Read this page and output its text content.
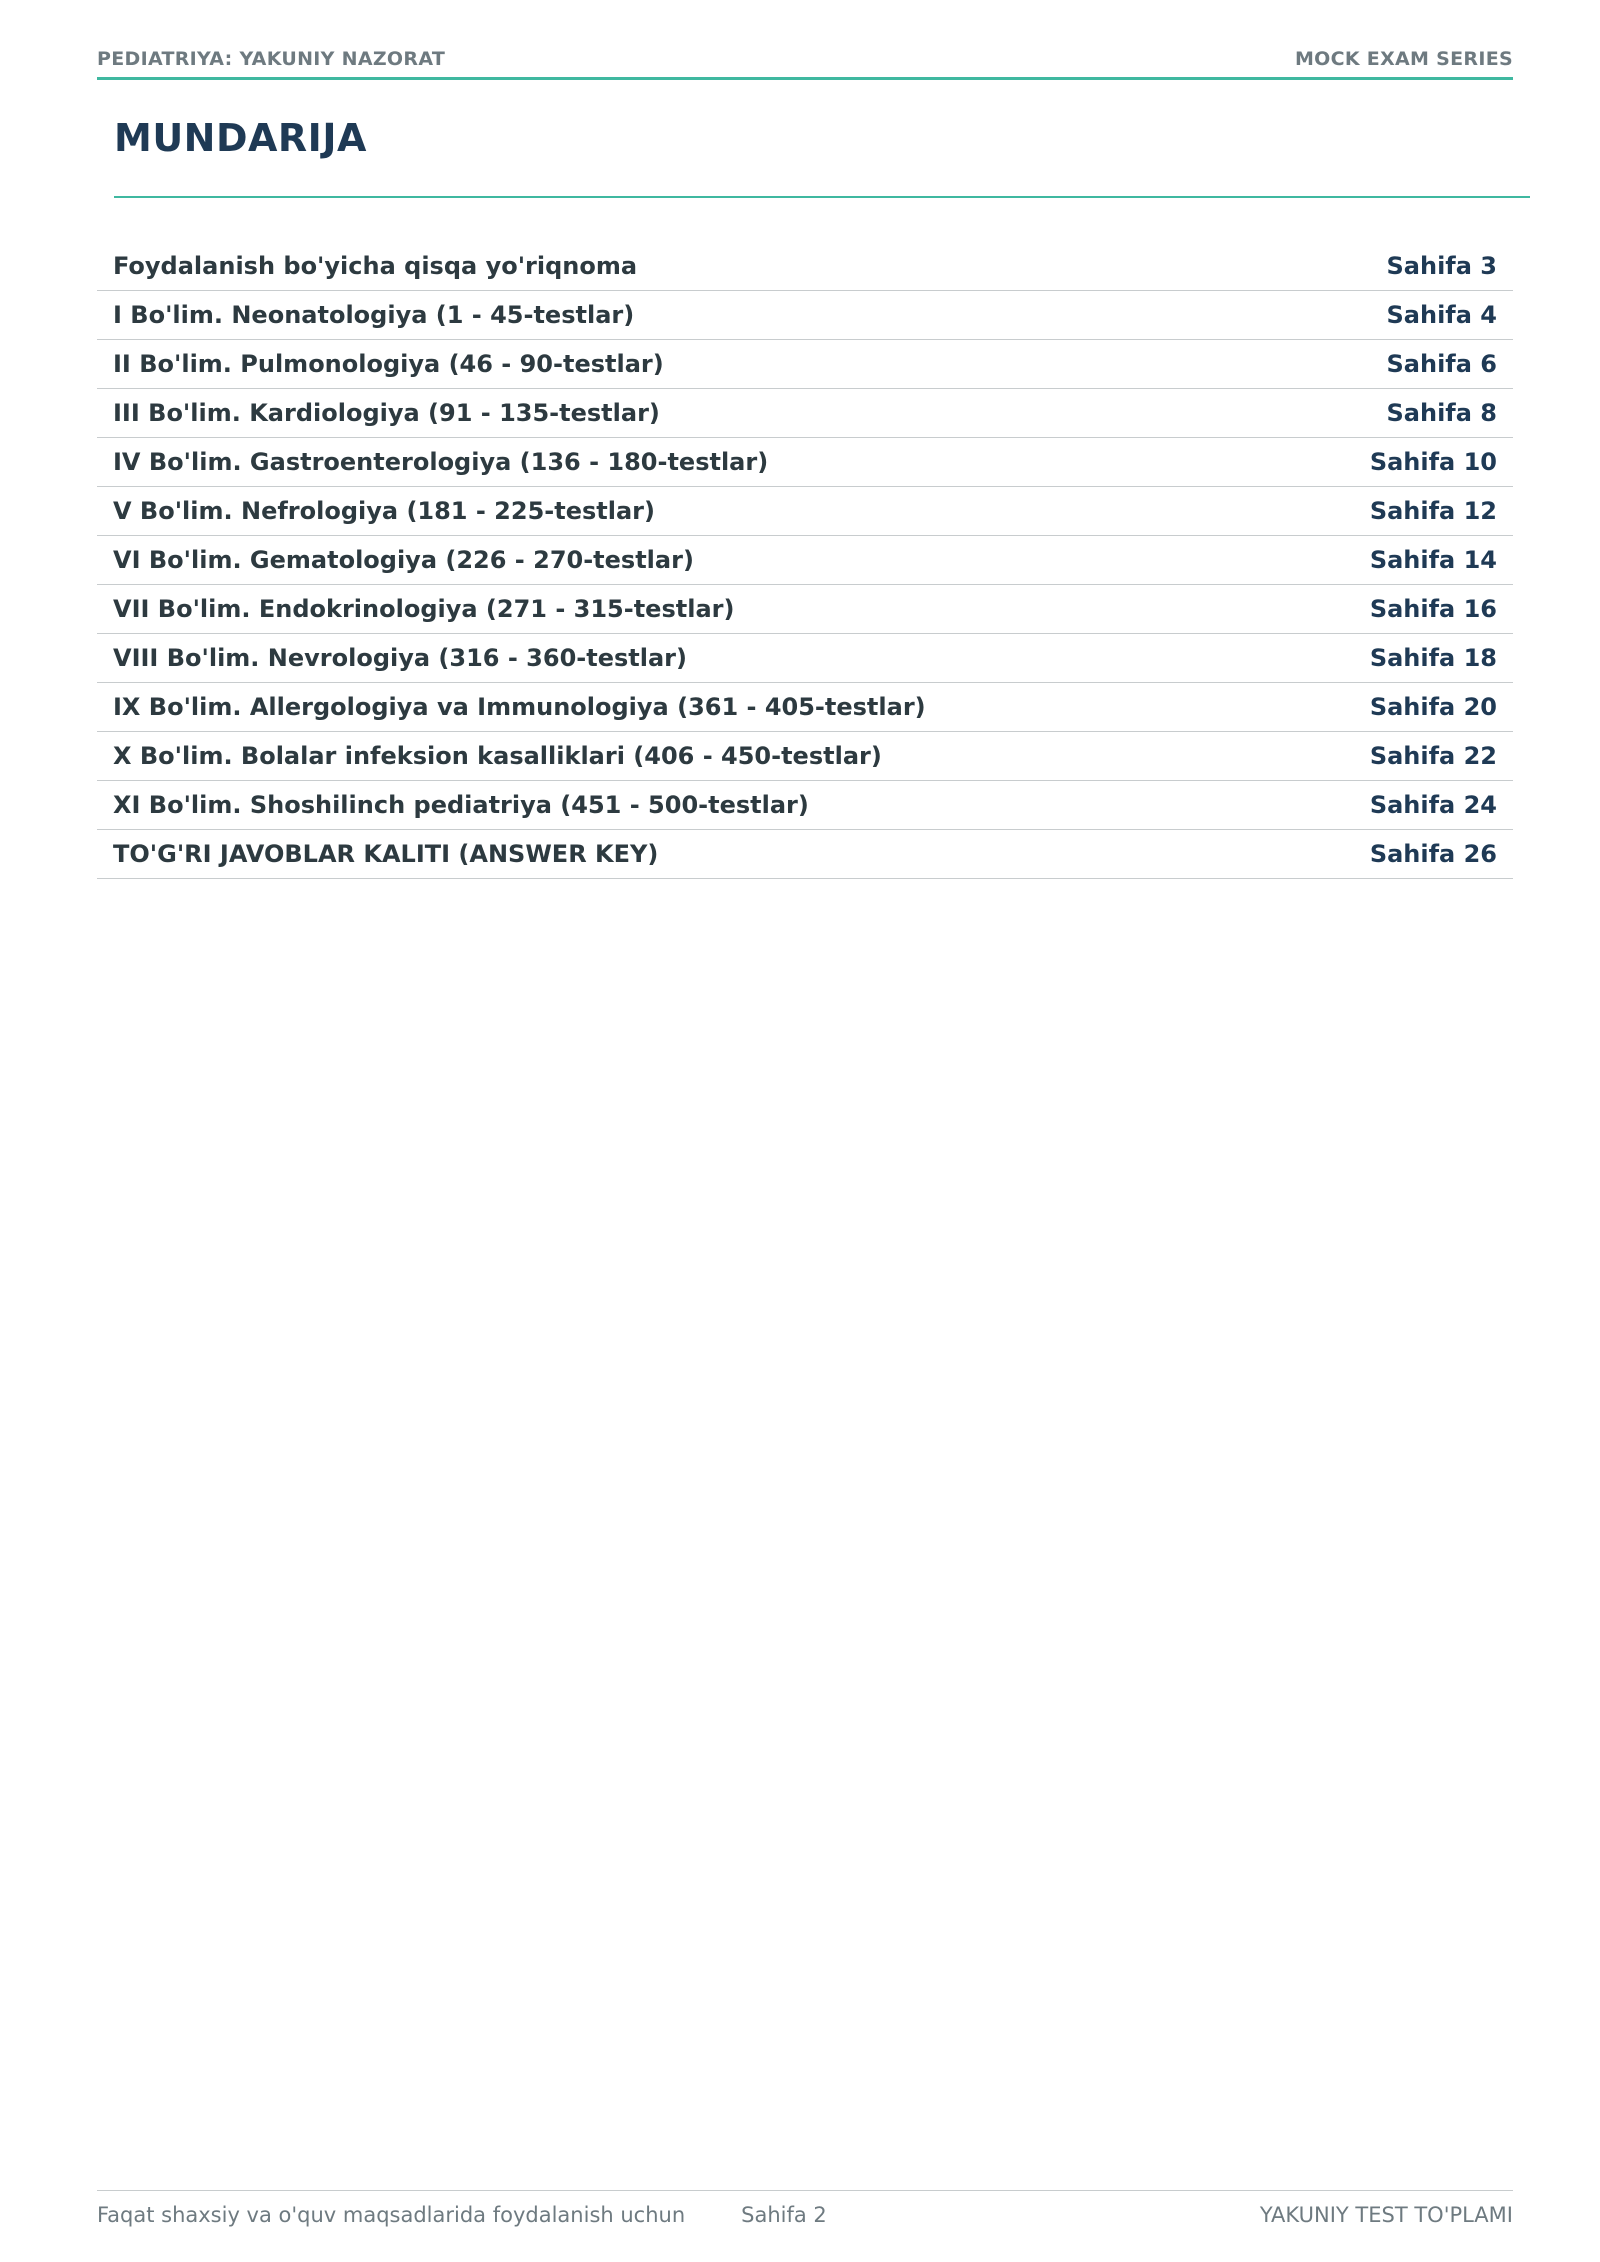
PEDIATRIYA: YAKUNIY NAZORAT	MOCK EXAM SERIES
MUNDARIJA
Foydalanish bo'yicha qisqa yo'riqnoma	Sahifa 3
I Bo'lim. Neonatologiya (1 - 45-testlar)	Sahifa 4
II Bo'lim. Pulmonologiya (46 - 90-testlar)	Sahifa 6
III Bo'lim. Kardiologiya (91 - 135-testlar)	Sahifa 8
IV Bo'lim. Gastroenterologiya (136 - 180-testlar)	Sahifa 10
V Bo'lim. Nefrologiya (181 - 225-testlar)	Sahifa 12
VI Bo'lim. Gematologiya (226 - 270-testlar)	Sahifa 14
VII Bo'lim. Endokrinologiya (271 - 315-testlar)	Sahifa 16
VIII Bo'lim. Nevrologiya (316 - 360-testlar)	Sahifa 18
IX Bo'lim. Allergologiya va Immunologiya (361 - 405-testlar)	Sahifa 20
X Bo'lim. Bolalar infeksion kasalliklari (406 - 450-testlar)	Sahifa 22
XI Bo'lim. Shoshilinch pediatriya (451 - 500-testlar)	Sahifa 24
TO'G'RI JAVOBLAR KALITI (ANSWER KEY)	Sahifa 26
Faqat shaxsiy va o'quv maqsadlarida foydalanish uchun	Sahifa 2	YAKUNIY TEST TO'PLAMI
